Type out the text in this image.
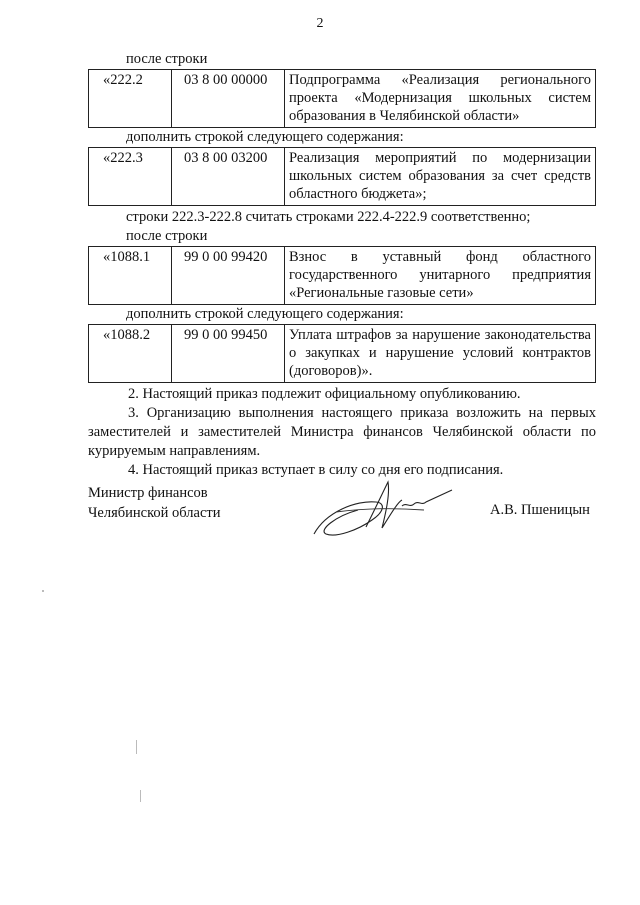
2
после строки
«222.2	03 8 00 00000	Подпрограмма «Реализация регионального проекта «Модернизация школьных систем образования в Челябинской области»
дополнить строкой следующего содержания:
«222.3	03 8 00 03200	Реализация мероприятий по модернизации школьных систем образования за счет средств областного бюджета»;
строки 222.3-222.8 считать строками 222.4-222.9 соответственно;
после строки
«1088.1	99 0 00 99420	Взнос в уставный фонд областного государственного унитарного предприятия «Региональные газовые сети»
дополнить строкой следующего содержания:
«1088.2	99 0 00 99450	Уплата штрафов за нарушение законодательства о закупках и нарушение условий контрактов (договоров)».

2. Настоящий приказ подлежит официальному опубликованию.

3. Организацию выполнения настоящего приказа возложить на первых заместителей и заместителей Министра финансов Челябинской области по курируемым направлениям.

4. Настоящий приказ вступает в силу со дня его подписания.

Министр финансов
Челябинской области	А.В. Пшеницын
